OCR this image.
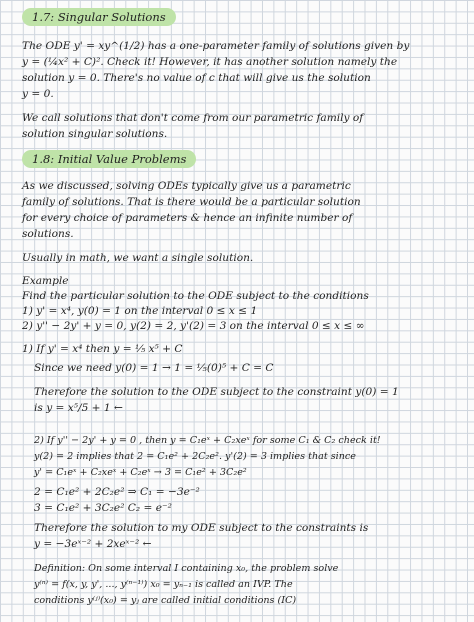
1.7: Singular Solutions
The ODE y' = xy^(1/2) has a one-parameter family of solutions given by
y = (¼x² + C)². Check it! However, it has another solution namely the
solution y = 0. There's no value of c that will give us the solution
y = 0.
We call solutions that don't come from our parametric family of
solution singular solutions.
1.8: Initial Value Problems
As we discussed, solving ODEs typically give us a parametric
family of solutions. That is there would be a particular solution
for every choice of parameters & hence an infinite number of
solutions.
Usually in math, we want a single solution.
Example
Find the particular solution to the ODE subject to the conditions
1) y' = x⁴, y(0) = 1 on the interval 0 ≤ x ≤ 1
2) y'' − 2y' + y = 0, y(2) = 2, y'(2) = 3 on the interval 0 ≤ x ≤ ∞
1) If y' = x⁴ then y = ⅕ x⁵ + C
Since we need y(0) = 1 → 1 = ⅕(0)⁵ + C = C
Therefore the solution to the ODE subject to the constraint y(0) = 1
is y = x⁵/5 + 1 ←
2) If y'' − 2y' + y = 0 , then y = C₁eˣ + C₂xeˣ for some C₁ & C₂ check it!
y(2) = 2 implies that 2 = C₁e² + 2C₂e². y'(2) = 3 implies that since
y' = C₁eˣ + C₂xeˣ + C₂eˣ → 3 = C₁e² + 3C₂e²
2 = C₁e² + 2C₂e² ⇒ C₁ = −3e⁻²
3 = C₁e² + 3C₂e² C₂ = e⁻²
Therefore the solution to my ODE subject to the constraints is
y = −3eˣ⁻² + 2xeˣ⁻² ←
Definition: On some interval I containing x₀, the problem solve
y⁽ⁿ⁾ = f(x, y, y', ..., y⁽ⁿ⁻¹⁾) x₀ = yₙ₋₁ is called an IVP. The
conditions y⁽ʲ⁾(x₀) = yⱼ are called initial conditions (IC)
